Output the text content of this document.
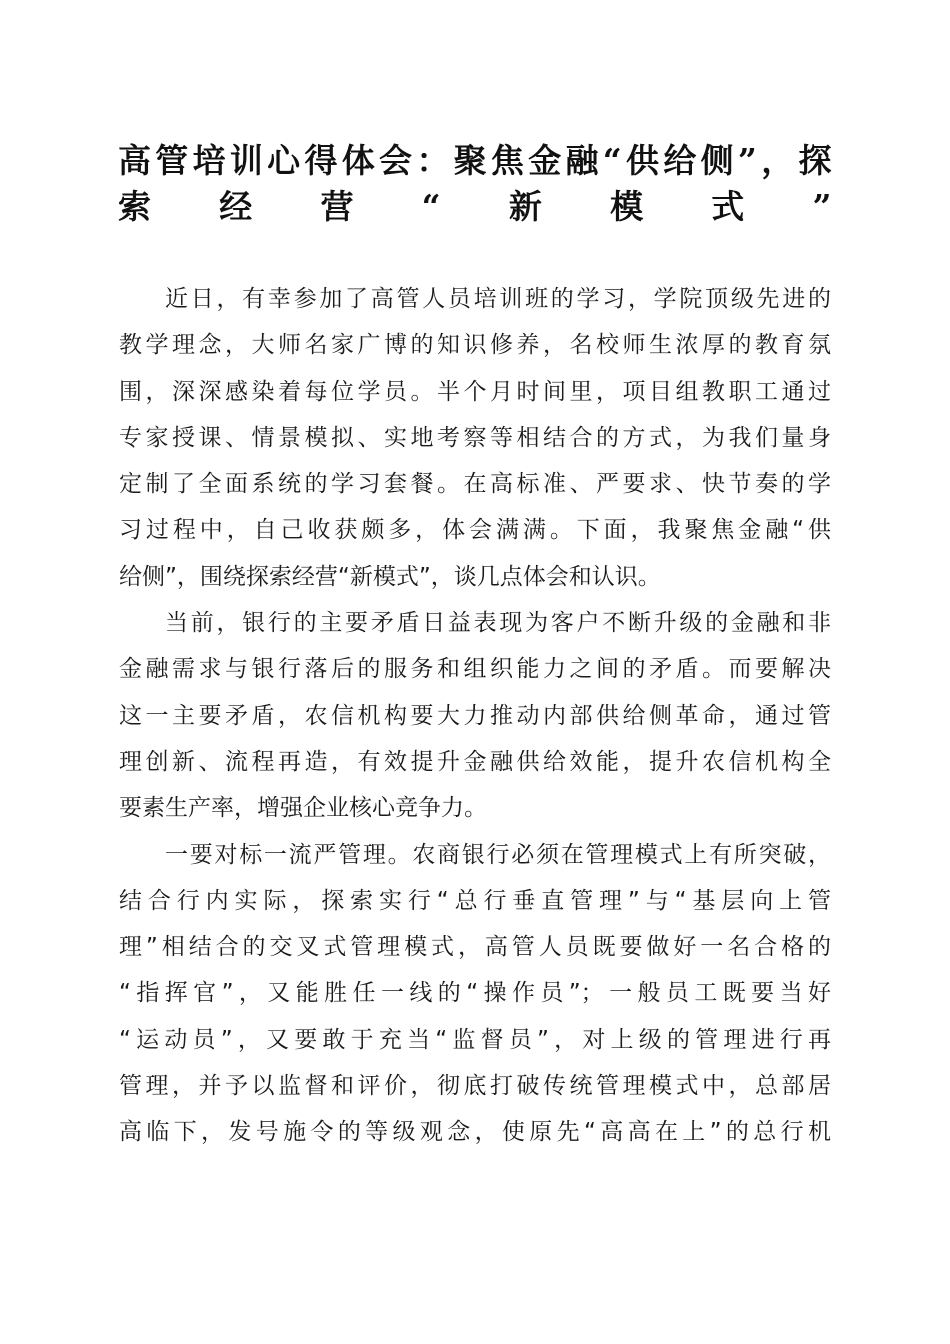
高管培训心得体会：聚焦金融“供给侧”，探
索经营“新模式”

近日，有幸参加了高管人员培训班的学习，学院顶级先进的
教学理念，大师名家广博的知识修养，名校师生浓厚的教育氛
围，深深感染着每位学员。半个月时间里，项目组教职工通过
专家授课、情景模拟、实地考察等相结合的方式，为我们量身
定制了全面系统的学习套餐。在高标准、严要求、快节奏的学
习过程中，自己收获颇多，体会满满。下面，我聚焦金融“供
给侧”，围绕探索经营“新模式”，谈几点体会和认识。

当前，银行的主要矛盾日益表现为客户不断升级的金融和非
金融需求与银行落后的服务和组织能力之间的矛盾。而要解决
这一主要矛盾，农信机构要大力推动内部供给侧革命，通过管
理创新、流程再造，有效提升金融供给效能，提升农信机构全
要素生产率，增强企业核心竞争力。

一要对标一流严管理。农商银行必须在管理模式上有所突破，
结合行内实际，探索实行“总行垂直管理”与“基层向上管
理”相结合的交叉式管理模式，高管人员既要做好一名合格的
“指挥官”，又能胜任一线的“操作员”；一般员工既要当好
“运动员”，又要敢于充当“监督员”，对上级的管理进行再
管理，并予以监督和评价，彻底打破传统管理模式中，总部居
高临下，发号施令的等级观念，使原先“高高在上”的总行机
